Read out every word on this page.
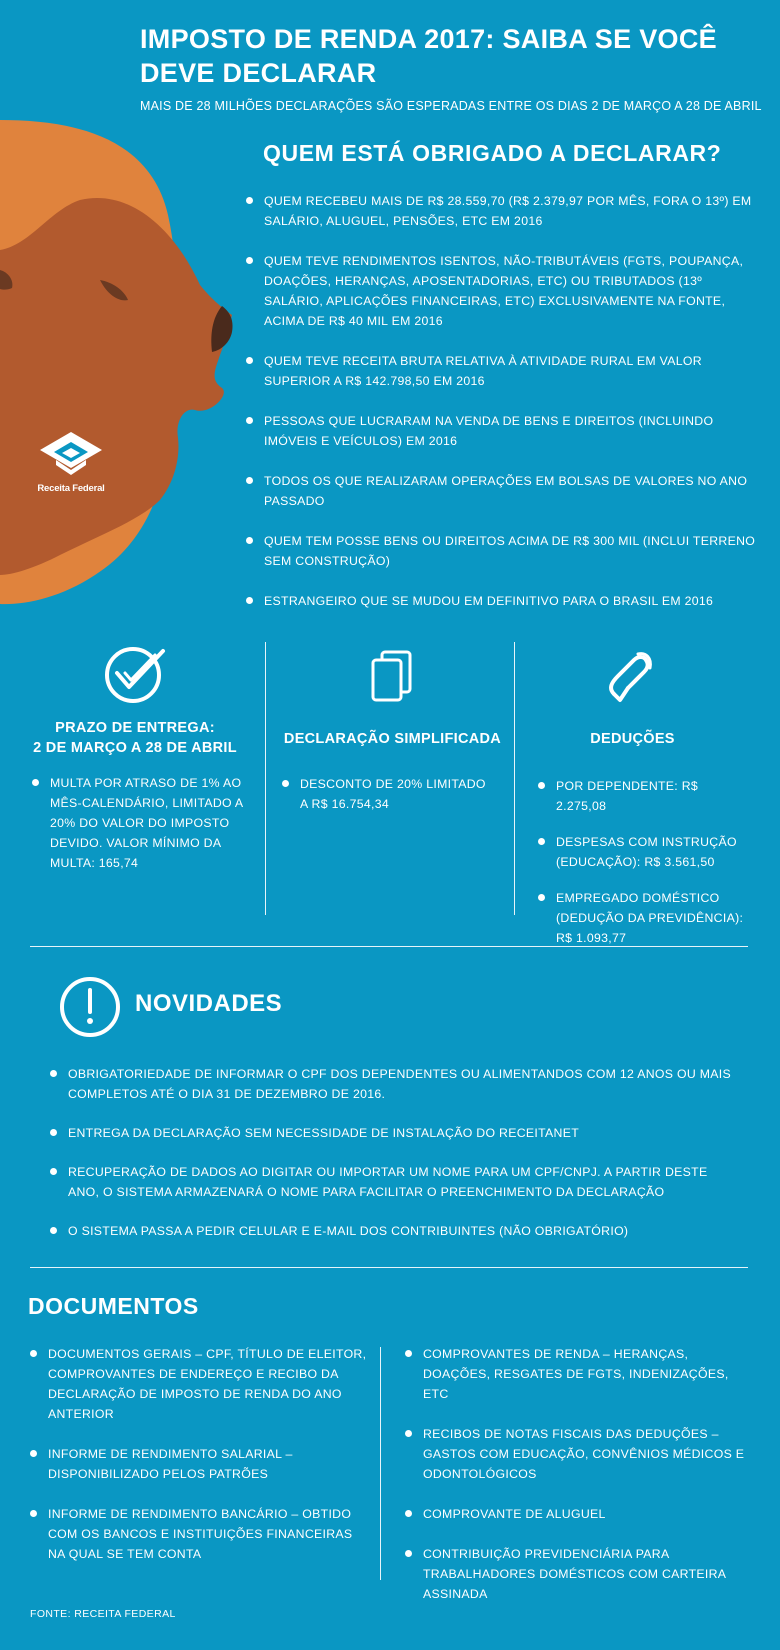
IMPOSTO DE RENDA 2017: SAIBA SE VOCÊ DEVE DECLARAR
MAIS DE 28 MILHÕES DECLARAÇÕES SÃO ESPERADAS ENTRE OS DIAS 2 DE MARÇO A 28 DE ABRIL
Receita Federal
QUEM ESTÁ OBRIGADO A DECLARAR?
QUEM RECEBEU MAIS DE R$ 28.559,70 (R$ 2.379,97 POR MÊS, FORA O 13º) EM SALÁRIO, ALUGUEL, PENSÕES, ETC EM 2016
QUEM TEVE RENDIMENTOS ISENTOS, NÃO-TRIBUTÁVEIS (FGTS, POUPANÇA, DOAÇÕES, HERANÇAS, APOSENTADORIAS, ETC) OU TRIBUTADOS (13º SALÁRIO, APLICAÇÕES FINANCEIRAS, ETC) EXCLUSIVAMENTE NA FONTE, ACIMA DE R$ 40 MIL EM 2016
QUEM TEVE RECEITA BRUTA RELATIVA À ATIVIDADE RURAL EM VALOR SUPERIOR A R$ 142.798,50 EM 2016
PESSOAS QUE LUCRARAM NA VENDA DE BENS E DIREITOS (INCLUINDO IMÓVEIS E VEÍCULOS) EM 2016
TODOS OS QUE REALIZARAM OPERAÇÕES EM BOLSAS DE VALORES NO ANO PASSADO
QUEM TEM POSSE BENS OU DIREITOS ACIMA DE R$ 300 MIL (INCLUI TERRENO SEM CONSTRUÇÃO)
ESTRANGEIRO QUE SE MUDOU EM DEFINITIVO PARA O BRASIL EM 2016
PRAZO DE ENTREGA:
2 DE MARÇO A 28 DE ABRIL
MULTA POR ATRASO DE 1% AO MÊS-CALENDÁRIO, LIMITADO A 20% DO VALOR DO IMPOSTO DEVIDO. VALOR MÍNIMO DA MULTA: 165,74
DECLARAÇÃO SIMPLIFICADA
DESCONTO DE 20% LIMITADO A R$ 16.754,34
DEDUÇÕES
POR DEPENDENTE: R$ 2.275,08
DESPESAS COM INSTRUÇÃO (EDUCAÇÃO): R$ 3.561,50
EMPREGADO DOMÉSTICO (DEDUÇÃO DA PREVIDÊNCIA): R$ 1.093,77
NOVIDADES
OBRIGATORIEDADE DE INFORMAR O CPF DOS DEPENDENTES OU ALIMENTANDOS COM 12 ANOS OU MAIS COMPLETOS ATÉ O DIA 31 DE DEZEMBRO DE 2016.
ENTREGA DA DECLARAÇÃO SEM NECESSIDADE DE INSTALAÇÃO DO RECEITANET
RECUPERAÇÃO DE DADOS AO DIGITAR OU IMPORTAR UM NOME PARA UM CPF/CNPJ. A PARTIR DESTE ANO, O SISTEMA ARMAZENARÁ O NOME PARA FACILITAR O PREENCHIMENTO DA DECLARAÇÃO
O SISTEMA PASSA A PEDIR CELULAR E E-MAIL DOS CONTRIBUINTES (NÃO OBRIGATÓRIO)
DOCUMENTOS
DOCUMENTOS GERAIS – CPF, TÍTULO DE ELEITOR, COMPROVANTES DE ENDEREÇO E RECIBO DA DECLARAÇÃO DE IMPOSTO DE RENDA DO ANO ANTERIOR
INFORME DE RENDIMENTO SALARIAL – DISPONIBILIZADO PELOS PATRÕES
INFORME DE RENDIMENTO BANCÁRIO – OBTIDO COM OS BANCOS E INSTITUIÇÕES FINANCEIRAS NA QUAL SE TEM CONTA
COMPROVANTES DE RENDA – HERANÇAS, DOAÇÕES, RESGATES DE FGTS, INDENIZAÇÕES, ETC
RECIBOS DE NOTAS FISCAIS DAS DEDUÇÕES – GASTOS COM EDUCAÇÃO, CONVÊNIOS MÉDICOS E ODONTOLÓGICOS
COMPROVANTE DE ALUGUEL
CONTRIBUIÇÃO PREVIDENCIÁRIA PARA TRABALHADORES DOMÉSTICOS COM CARTEIRA ASSINADA
FONTE: RECEITA FEDERAL
